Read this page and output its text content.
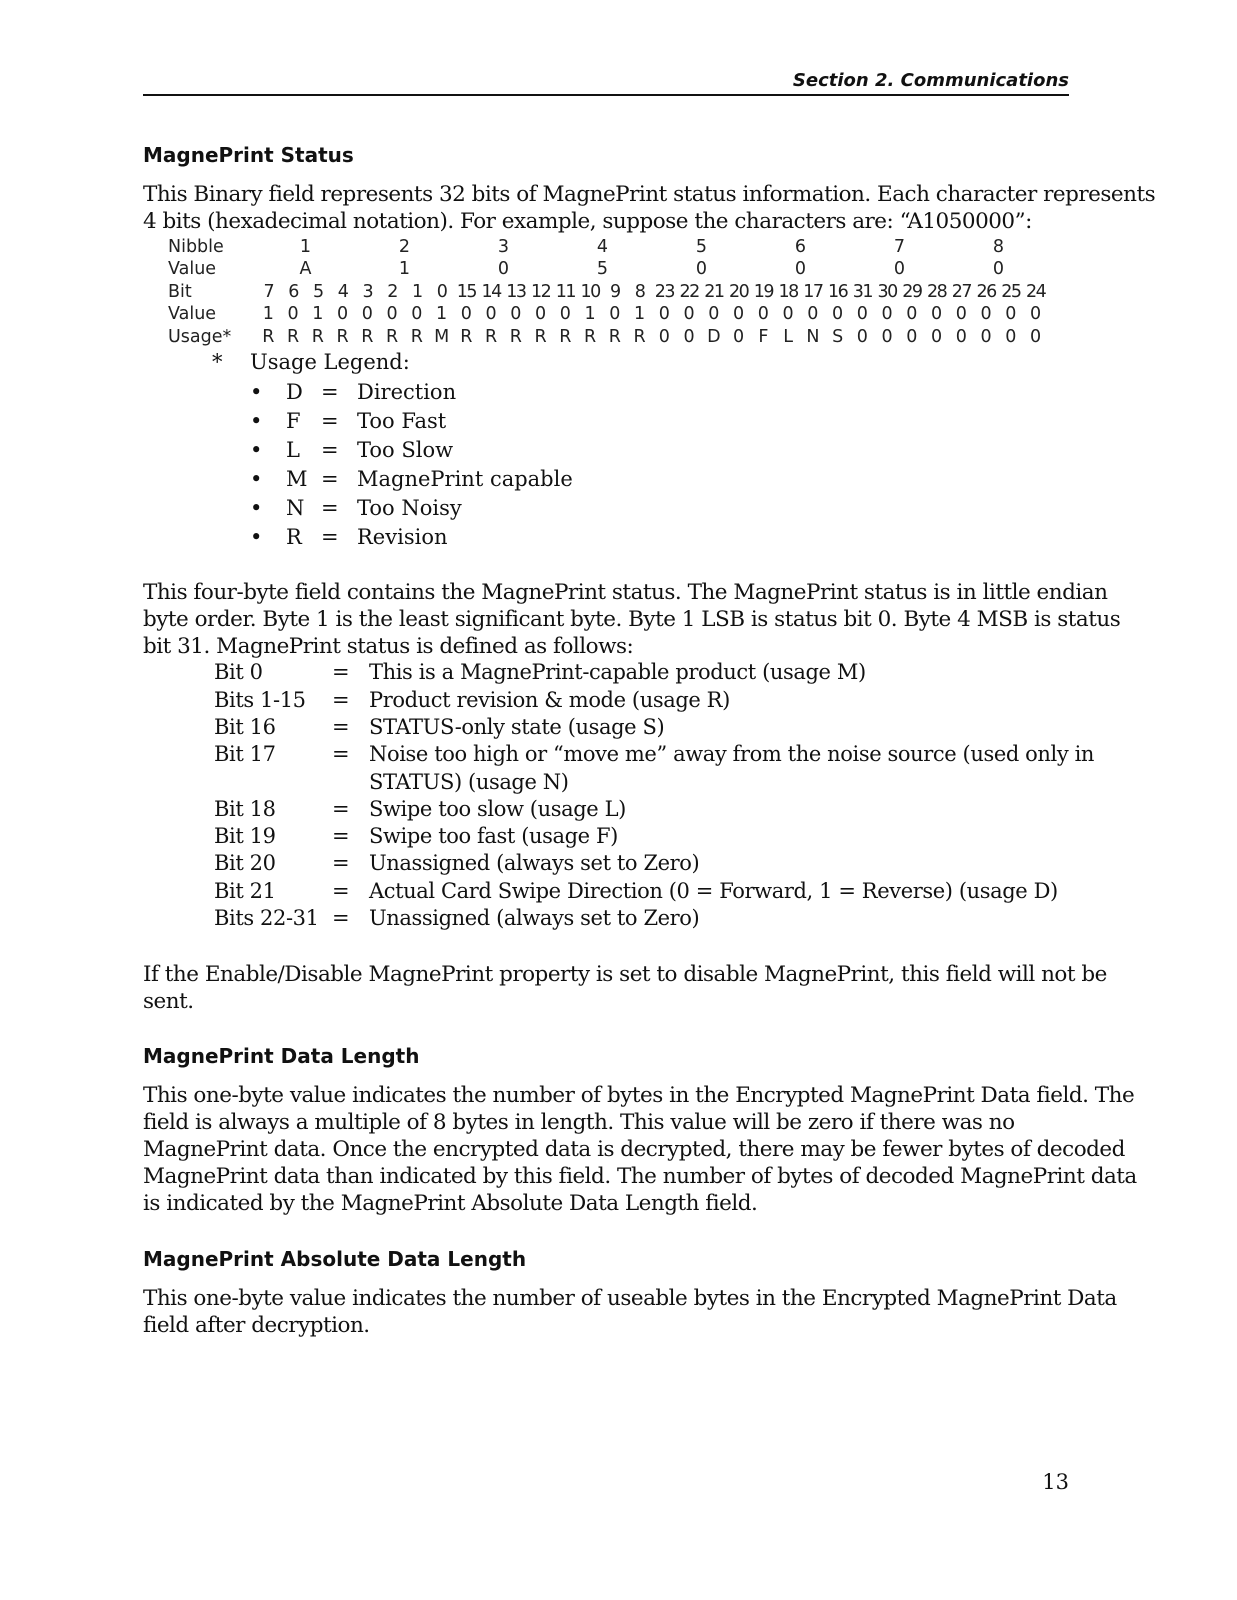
Section 2. Communications
MagnePrint Status
This Binary field represents 32 bits of MagnePrint status information. Each character represents
4 bits (hexadecimal notation). For example, suppose the characters are: “A1050000”:
Nibble	1	2	3	4	5	6	7	8
Value	A	1	0	5	0	0	0	0
Bit	7 6 5 4 3 2 1 0 15 14 13 12 11 10 9 8 23 22 21 20 19 18 17 16 31 30 29 28 27 26 25 24
Value	1 0 1 0 0 0 0 1 0 0 0 0 0 1 0 1 0 0 0 0 0 0 0 0 0 0 0 0 0 0 0 0
Usage*	R R R R R R R M R R R R R R R R 0 0 D 0 F L N S 0 0 0 0 0 0 0 0
* Usage Legend:
• D = Direction
• F = Too Fast
• L = Too Slow
• M = MagnePrint capable
• N = Too Noisy
• R = Revision
This four-byte field contains the MagnePrint status. The MagnePrint status is in little endian
byte order. Byte 1 is the least significant byte. Byte 1 LSB is status bit 0. Byte 4 MSB is status
bit 31. MagnePrint status is defined as follows:
Bit 0	= This is a MagnePrint-capable product (usage M)
Bits 1-15 = Product revision & mode (usage R)
Bit 16	= STATUS-only state (usage S)
Bit 17	= Noise too high or “move me” away from the noise source (used only in
STATUS) (usage N)
Bit 18	= Swipe too slow (usage L)
Bit 19	= Swipe too fast (usage F)
Bit 20	= Unassigned (always set to Zero)
Bit 21	= Actual Card Swipe Direction (0 = Forward, 1 = Reverse) (usage D)
Bits 22-31 = Unassigned (always set to Zero)
If the Enable/Disable MagnePrint property is set to disable MagnePrint, this field will not be
sent.
MagnePrint Data Length
This one-byte value indicates the number of bytes in the Encrypted MagnePrint Data field. The
field is always a multiple of 8 bytes in length. This value will be zero if there was no
MagnePrint data. Once the encrypted data is decrypted, there may be fewer bytes of decoded
MagnePrint data than indicated by this field. The number of bytes of decoded MagnePrint data
is indicated by the MagnePrint Absolute Data Length field.
MagnePrint Absolute Data Length
This one-byte value indicates the number of useable bytes in the Encrypted MagnePrint Data
field after decryption.
13
